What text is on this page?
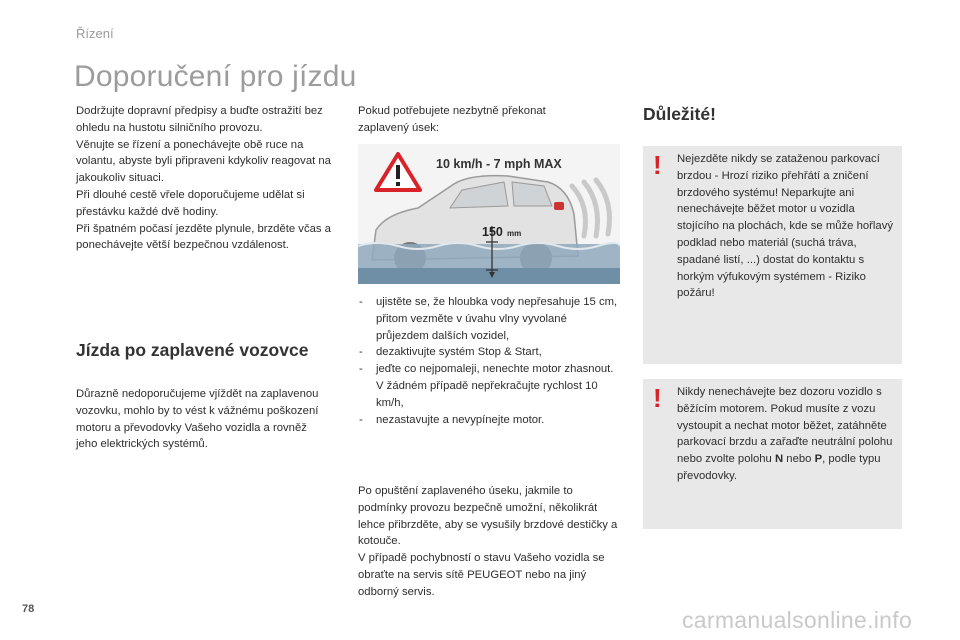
Řízení
Doporučení pro jízdu

Dodržujte dopravní předpisy a buďte ostražití bez ohledu na hustotu silničního provozu.

Věnujte se řízení a ponechávejte obě ruce na volantu, abyste byli připraveni kdykoliv reagovat na jakoukoliv situaci.

Při dlouhé cestě vřele doporučujeme udělat si přestávku každé dvě hodiny.

Při špatném počasí jezděte plynule, brzděte včas a ponechávejte větší bezpečnou vzdálenost.

Jízda po zaplavené vozovce
Důrazně nedoporučujeme vjíždět na zaplavenou vozovku, mohlo by to vést k vážnému poškození motoru a převodovky Vašeho vozidla a rovněž jeho elektrických systémů.
Pokud potřebujete nezbytně překonat zaplavený úsek:
10 km/h - 7 mph MAX
150 mm
- ujistěte se, že hloubka vody nepřesahuje 15 cm, přitom vezměte v úvahu vlny vyvolané průjezdem dalších vozidel,
- dezaktivujte systém Stop & Start,
- jeďte co nejpomaleji, nenechte motor zhasnout. V žádném případě nepřekračujte rychlost 10 km/h,
- nezastavujte a nevypínejte motor.

Po opuštění zaplaveného úseku, jakmile to podmínky provozu bezpečně umožní, několikrát lehce přibrzděte, aby se vysušily brzdové destičky a kotouče.

V případě pochybností o stavu Vašeho vozidla se obraťte na servis sítě PEUGEOT nebo na jiný odborný servis.

Důležité!
! Nejezděte nikdy se zataženou parkovací brzdou - Hrozí riziko přehřátí a zničení brzdového systému! Neparkujte ani nenechávejte běžet motor u vozidla stojícího na plochách, kde se může hořlavý podklad nebo materiál (suchá tráva, spadané listí, ...) dostat do kontaktu s horkým výfukovým systémem - Riziko požáru!
! Nikdy nenechávejte bez dozoru vozidlo s běžícím motorem. Pokud musíte z vozu vystoupit a nechat motor běžet, zatáhněte parkovací brzdu a zařaďte neutrální polohu nebo zvolte polohu N nebo P, podle typu převodovky.
78	carmanualsonline.info
